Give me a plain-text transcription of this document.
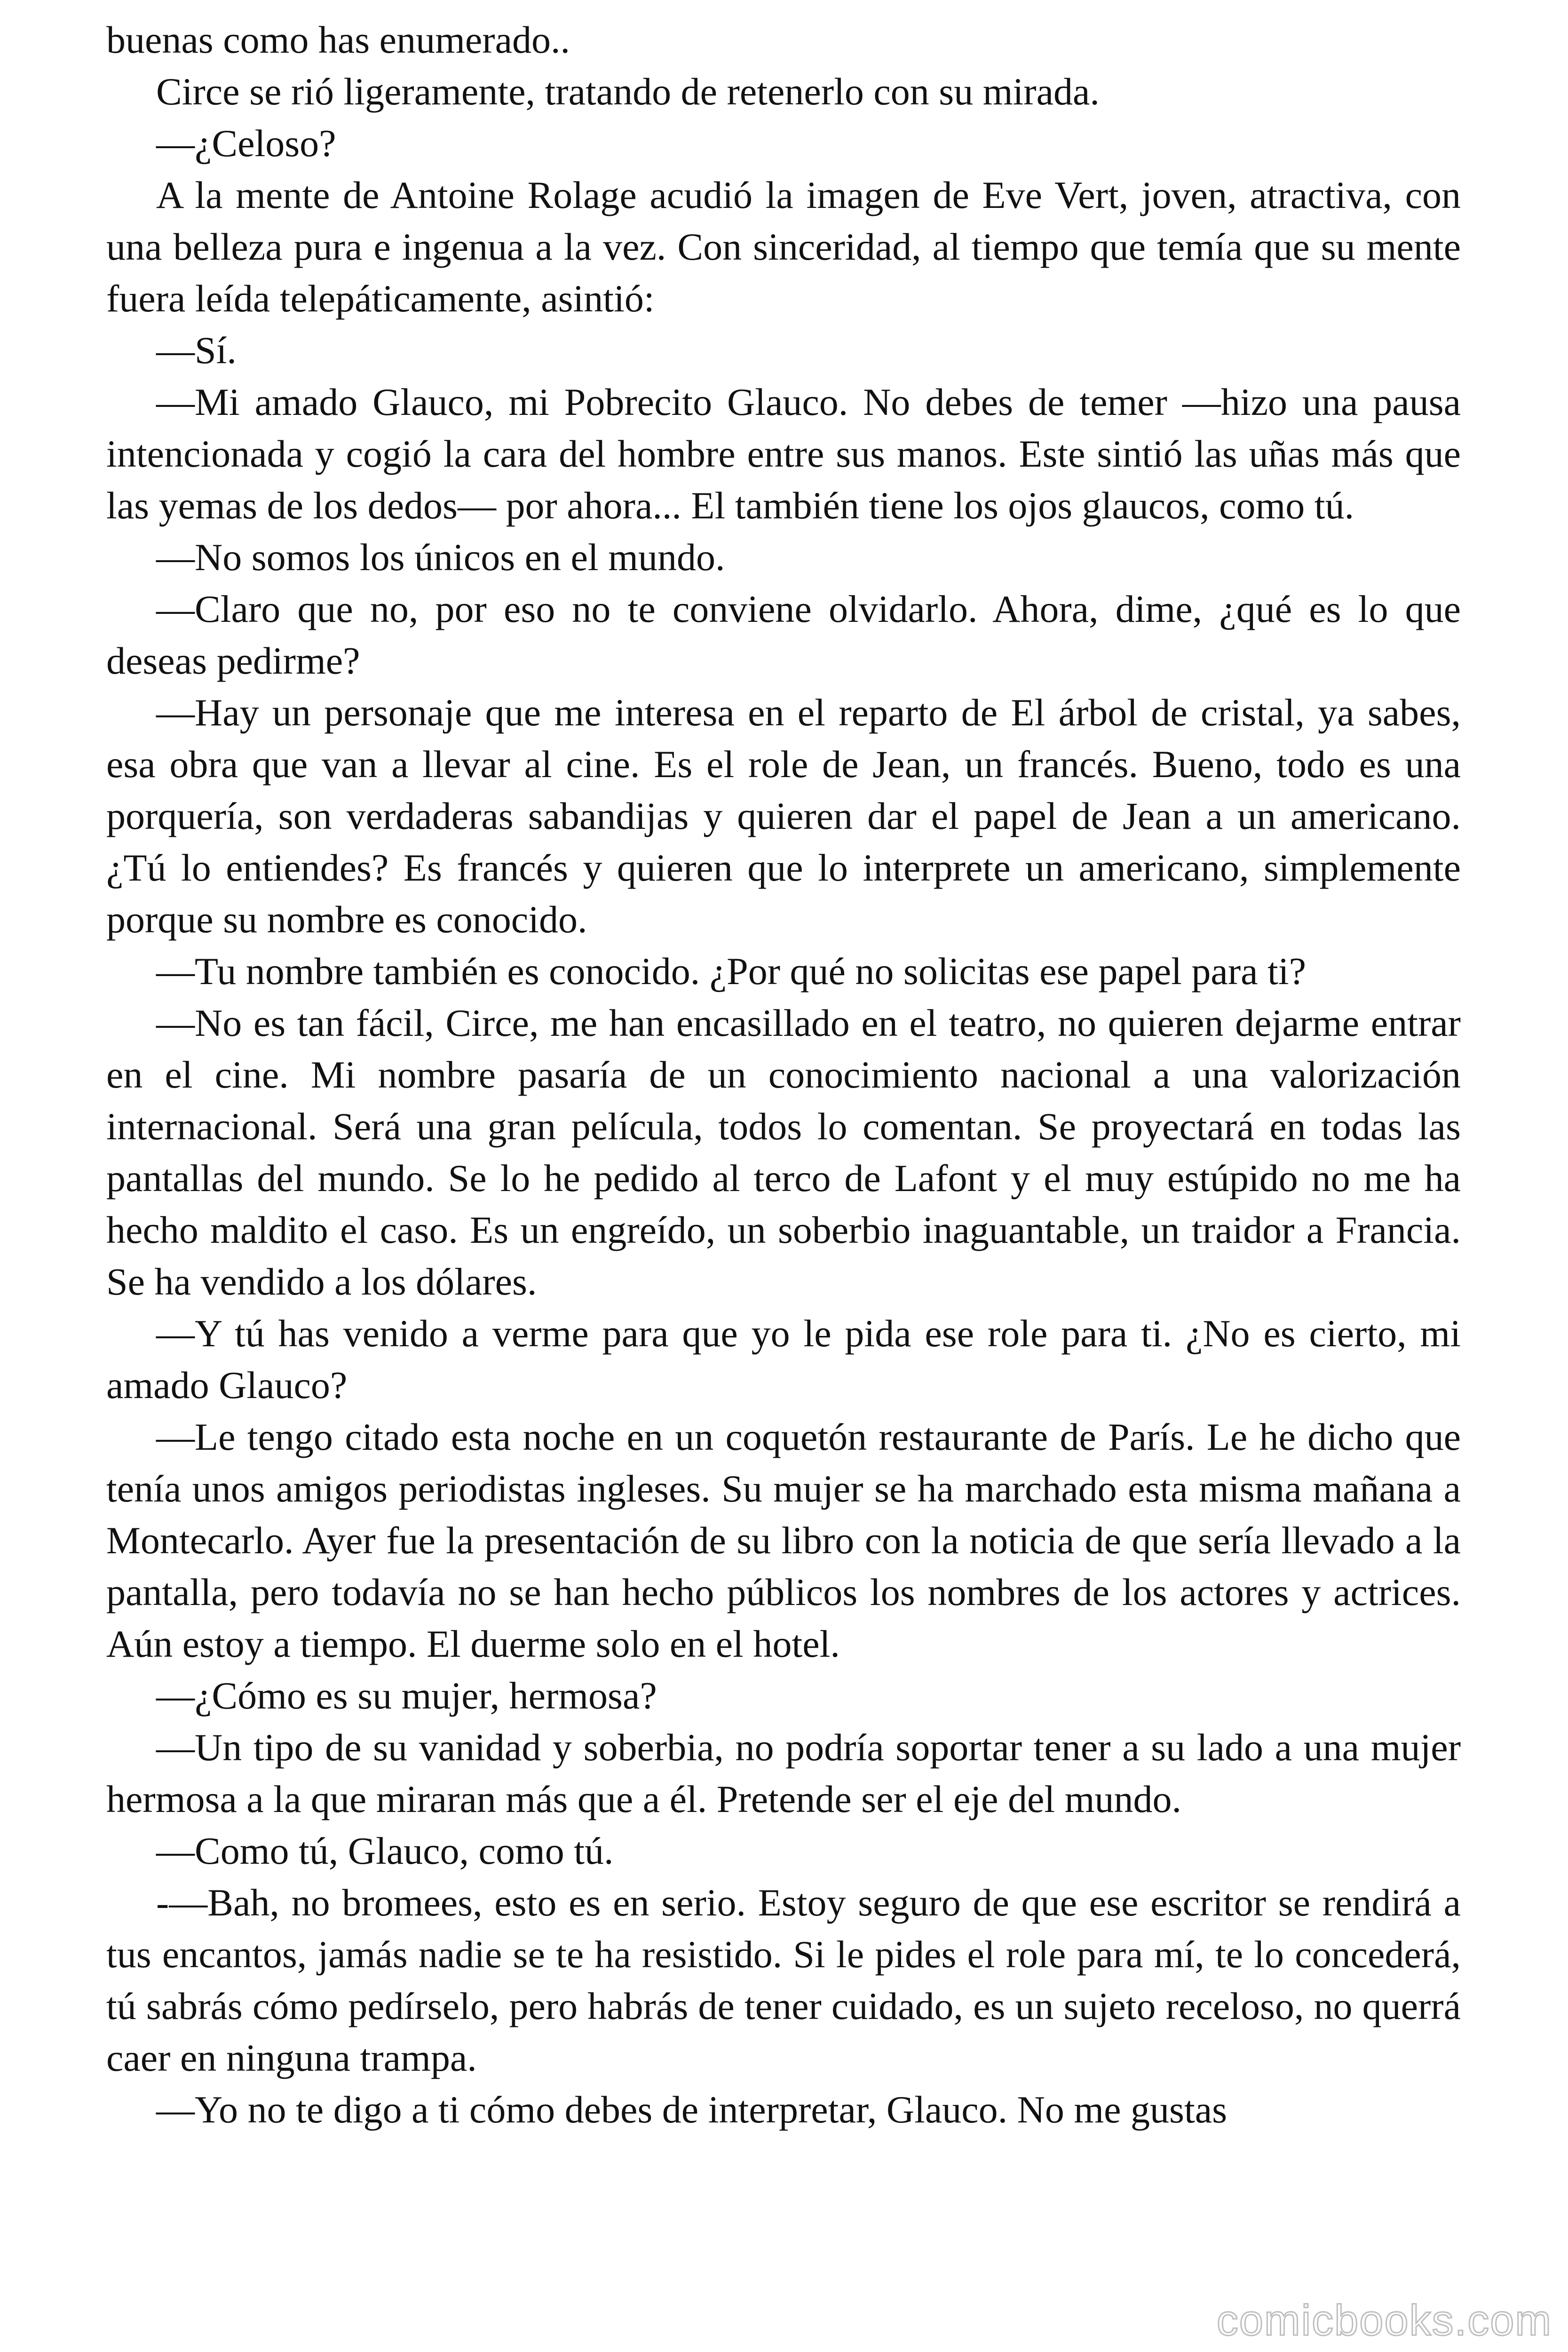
buenas como has enumerado..

Circe se rió ligeramente, tratando de retenerlo con su mirada.

—¿Celoso?

A la mente de Antoine Rolage acudió la imagen de Eve Vert, joven, atractiva, con una belleza pura e ingenua a la vez. Con sinceridad, al tiempo que temía que su mente fuera leída telepáticamente, asintió:

—Sí.

—Mi amado Glauco, mi Pobrecito Glauco. No debes de temer —hizo una pausa intencionada y cogió la cara del hombre entre sus manos. Este sintió las uñas más que las yemas de los dedos— por ahora... El también tiene los ojos glaucos, como tú.

—No somos los únicos en el mundo.

—Claro que no, por eso no te conviene olvidarlo. Ahora, dime, ¿qué es lo que deseas pedirme?

—Hay un personaje que me interesa en el reparto de El árbol de cristal, ya sabes, esa obra que van a llevar al cine. Es el role de Jean, un francés. Bueno, todo es una porquería, son verdaderas sabandijas y quieren dar el papel de Jean a un americano. ¿Tú lo entiendes? Es francés y quieren que lo interprete un americano, simplemente porque su nombre es conocido.

—Tu nombre también es conocido. ¿Por qué no solicitas ese papel para ti?

—No es tan fácil, Circe, me han encasillado en el teatro, no quieren dejarme entrar en el cine. Mi nombre pasaría de un conocimiento nacional a una valorización internacional. Será una gran película, todos lo comentan. Se proyectará en todas las pantallas del mundo. Se lo he pedido al terco de Lafont y el muy estúpido no me ha hecho maldito el caso. Es un engreído, un soberbio inaguantable, un traidor a Francia. Se ha vendido a los dólares.

—Y tú has venido a verme para que yo le pida ese role para ti. ¿No es cierto, mi amado Glauco?

—Le tengo citado esta noche en un coquetón restaurante de París. Le he dicho que tenía unos amigos periodistas ingleses. Su mujer se ha marchado esta misma mañana a Montecarlo. Ayer fue la presentación de su libro con la noticia de que sería llevado a la pantalla, pero todavía no se han hecho públicos los nombres de los actores y actrices. Aún estoy a tiempo. El duerme solo en el hotel.

—¿Cómo es su mujer, hermosa?

—Un tipo de su vanidad y soberbia, no podría soportar tener a su lado a una mujer hermosa a la que miraran más que a él. Pretende ser el eje del mundo.

—Como tú, Glauco, como tú.

-—Bah, no bromees, esto es en serio. Estoy seguro de que ese escritor se rendirá a tus encantos, jamás nadie se te ha resistido. Si le pides el role para mí, te lo concederá, tú sabrás cómo pedírselo, pero habrás de tener cuidado, es un sujeto receloso, no querrá caer en ninguna trampa.

—Yo no te digo a ti cómo debes de interpretar, Glauco. No me gustas

comicbooks.com
